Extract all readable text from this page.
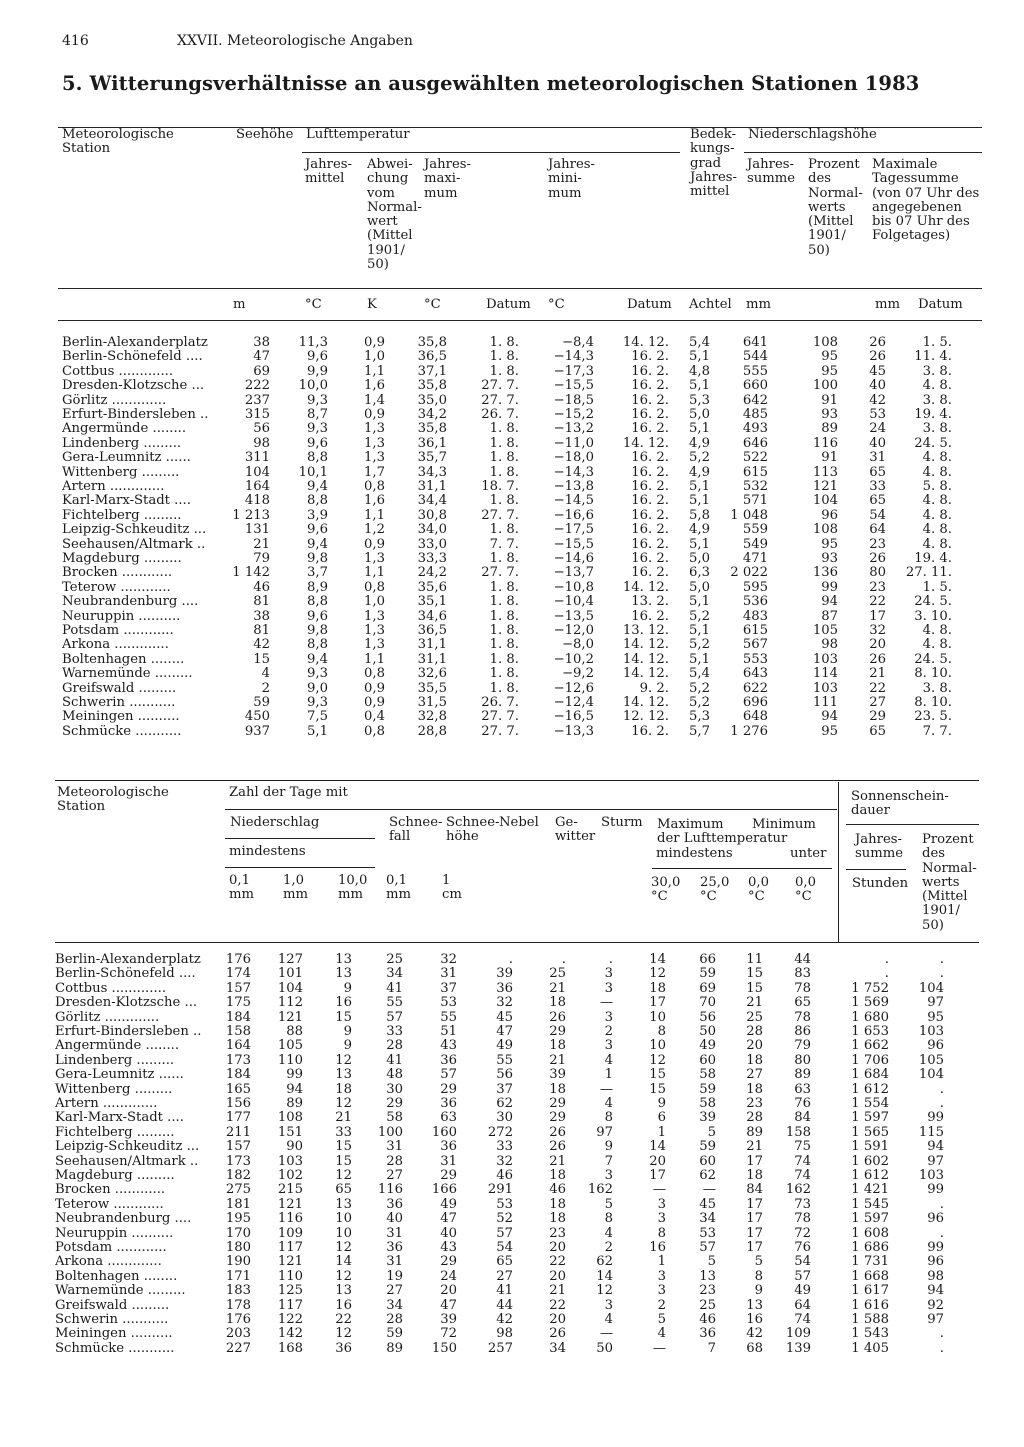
416	XXVII. Meteorologische Angaben
5. Witterungsverhältnisse an ausgewählten meteorologischen Stationen 1983
Meteorologische
Station
Seehöhe Lufttemperatur	Bedek-
kungs-
grad
Jahres-
mittel
Niederschlagshöhe
Jahres-
mittel
Abwei-
chung
vom
Normal-
wert
(Mittel
1901/
50)
Jahres-
maxi-
mum
Jahres-
mini-
mum
Jahres-
summe
Prozent
des
Normal-
werts
(Mittel
1901/
50)
Maximale
Tagessumme
(von 07 Uhr des
angegebenen
bis 07 Uhr des
Folgetages)
m	°C	K	°C	Datum °C	Datum Achtel mm	mm Datum
Berlin-Alexanderplatz	38	11,3	0,9	35,8	1. 8.	−8,4	14. 12.	5,4	641	108	26	1. 5.
Berlin-Schönefeld ....	47	9,6	1,0	36,5	1. 8.	−14,3	16. 2.	5,1	544	95	26	11. 4.
Cottbus .............	69	9,9	1,1	37,1	1. 8.	−17,3	16. 2.	4,8	555	95	45	3. 8.
Dresden-Klotzsche ...	222	10,0	1,6	35,8	27. 7.	−15,5	16. 2.	5,1	660	100	40	4. 8.
Görlitz .............	237	9,3	1,4	35,0	27. 7.	−18,5	16. 2.	5,3	642	91	42	3. 8.
Erfurt-Bindersleben ..	315	8,7	0,9	34,2	26. 7.	−15,2	16. 2.	5,0	485	93	53	19. 4.
Angermünde ........	56	9,3	1,3	35,8	1. 8.	−13,2	16. 2.	5,1	493	89	24	3. 8.
Lindenberg .........	98	9,6	1,3	36,1	1. 8.	−11,0	14. 12.	4,9	646	116	40	24. 5.
Gera-Leumnitz ......	311	8,8	1,3	35,7	1. 8.	−18,0	16. 2.	5,2	522	91	31	4. 8.
Wittenberg .........	104	10,1	1,7	34,3	1. 8.	−14,3	16. 2.	4,9	615	113	65	4. 8.
Artern .............	164	9,4	0,8	31,1	18. 7.	−13,8	16. 2.	5,1	532	121	33	5. 8.
Karl-Marx-Stadt ....	418	8,8	1,6	34,4	1. 8.	−14,5	16. 2.	5,1	571	104	65	4. 8.
Fichtelberg .........	1 213	3,9	1,1	30,8	27. 7.	−16,6	16. 2.	5,8	1 048	96	54	4. 8.
Leipzig-Schkeuditz ...	131	9,6	1,2	34,0	1. 8.	−17,5	16. 2.	4,9	559	108	64	4. 8.
Seehausen/Altmark ..	21	9,4	0,9	33,0	7. 7.	−15,5	16. 2.	5,1	549	95	23	4. 8.
Magdeburg .........	79	9,8	1,3	33,3	1. 8.	−14,6	16. 2.	5,0	471	93	26	19. 4.
Brocken ............	1 142	3,7	1,1	24,2	27. 7.	−13,7	16. 2.	6,3	2 022	136	80	27. 11.
Teterow ............	46	8,9	0,8	35,6	1. 8.	−10,8	14. 12.	5,0	595	99	23	1. 5.
Neubrandenburg ....	81	8,8	1,0	35,1	1. 8.	−10,4	13. 2.	5,1	536	94	22	24. 5.
Neuruppin ..........	38	9,6	1,3	34,6	1. 8.	−13,5	16. 2.	5,2	483	87	17	3. 10.
Potsdam ............	81	9,8	1,3	36,5	1. 8.	−12,0	13. 12.	5,1	615	105	32	4. 8.
Arkona .............	42	8,8	1,3	31,1	1. 8.	−8,0	14. 12.	5,2	567	98	20	4. 8.
Boltenhagen ........	15	9,4	1,1	31,1	1. 8.	−10,2	14. 12.	5,1	553	103	26	24. 5.
Warnemünde .........	4	9,3	0,8	32,6	1. 8.	−9,2	14. 12.	5,4	643	114	21	8. 10.
Greifswald .........	2	9,0	0,9	35,5	1. 8.	−12,6	9. 2.	5,2	622	103	22	3. 8.
Schwerin ...........	59	9,3	0,9	31,5	26. 7.	−12,4	14. 12.	5,2	696	111	27	8. 10.
Meiningen ..........	450	7,5	0,4	32,8	27. 7.	−16,5	12. 12.	5,3	648	94	29	23. 5.
Schmücke ...........	937	5,1	0,8	28,8	27. 7.	−13,3	16. 2.	5,7	1 276	95	65	7. 7.
Meteorologische
Station
Zahl der Tage mit	Sonnenschein-
dauer
Niederschlag	Schnee-
fall
Schnee-
höhe
Nebel Ge-
witter
Sturm Maximum
der Lufttemperatur
Minimum
mindestens	mindestens	unter
Jahres-
summe
Prozent
des
Normal-
werts
(Mittel
1901/
50)
0,1
mm
1,0
mm
10,0
mm
0,1
mm
1
cm
30,0
°C
25,0
°C
0,0
°C
0,0
°C
Stunden
Berlin-Alexanderplatz	176	127	13	25	32	.	.	.	14	66	11	44	.	.
Berlin-Schönefeld ....	174	101	13	34	31	39	25	3	12	59	15	83	.	.
Cottbus .............	157	104	9	41	37	36	21	3	18	69	15	78	1 752	104
Dresden-Klotzsche ...	175	112	16	55	53	32	18	—	17	70	21	65	1 569	97
Görlitz .............	184	121	15	57	55	45	26	3	10	56	25	78	1 680	95
Erfurt-Bindersleben ..	158	88	9	33	51	47	29	2	8	50	28	86	1 653	103
Angermünde ........	164	105	9	28	43	49	18	3	10	49	20	79	1 662	96
Lindenberg .........	173	110	12	41	36	55	21	4	12	60	18	80	1 706	105
Gera-Leumnitz ......	184	99	13	48	57	56	39	1	15	58	27	89	1 684	104
Wittenberg .........	165	94	18	30	29	37	18	—	15	59	18	63	1 612	.
Artern .............	156	89	12	29	36	62	29	4	9	58	23	76	1 554	.
Karl-Marx-Stadt ....	177	108	21	58	63	30	29	8	6	39	28	84	1 597	99
Fichtelberg .........	211	151	33	100	160	272	26	97	1	5	89	158	1 565	115
Leipzig-Schkeuditz ...	157	90	15	31	36	33	26	9	14	59	21	75	1 591	94
Seehausen/Altmark ..	173	103	15	28	31	32	21	7	20	60	17	74	1 602	97
Magdeburg .........	182	102	12	27	29	46	18	3	17	62	18	74	1 612	103
Brocken ............	275	215	65	116	166	291	46	162	—	—	84	162	1 421	99
Teterow ............	181	121	13	36	49	53	18	5	3	45	17	73	1 545	.
Neubrandenburg ....	195	116	10	40	47	52	18	8	3	34	17	78	1 597	96
Neuruppin ..........	170	109	10	31	40	57	23	4	8	53	17	72	1 608	.
Potsdam ............	180	117	12	36	43	54	20	2	16	57	17	76	1 686	99
Arkona .............	190	121	14	31	29	65	22	62	1	5	5	54	1 731	96
Boltenhagen ........	171	110	12	19	24	27	20	14	3	13	8	57	1 668	98
Warnemünde .........	183	125	13	27	20	41	21	12	3	23	9	49	1 617	94
Greifswald .........	178	117	16	34	47	44	22	3	2	25	13	64	1 616	92
Schwerin ...........	176	122	22	28	39	42	20	4	5	46	16	74	1 588	97
Meiningen ..........	203	142	12	59	72	98	26	—	4	36	42	109	1 543	.
Schmücke ...........	227	168	36	89	150	257	34	50	—	7	68	139	1 405	.
